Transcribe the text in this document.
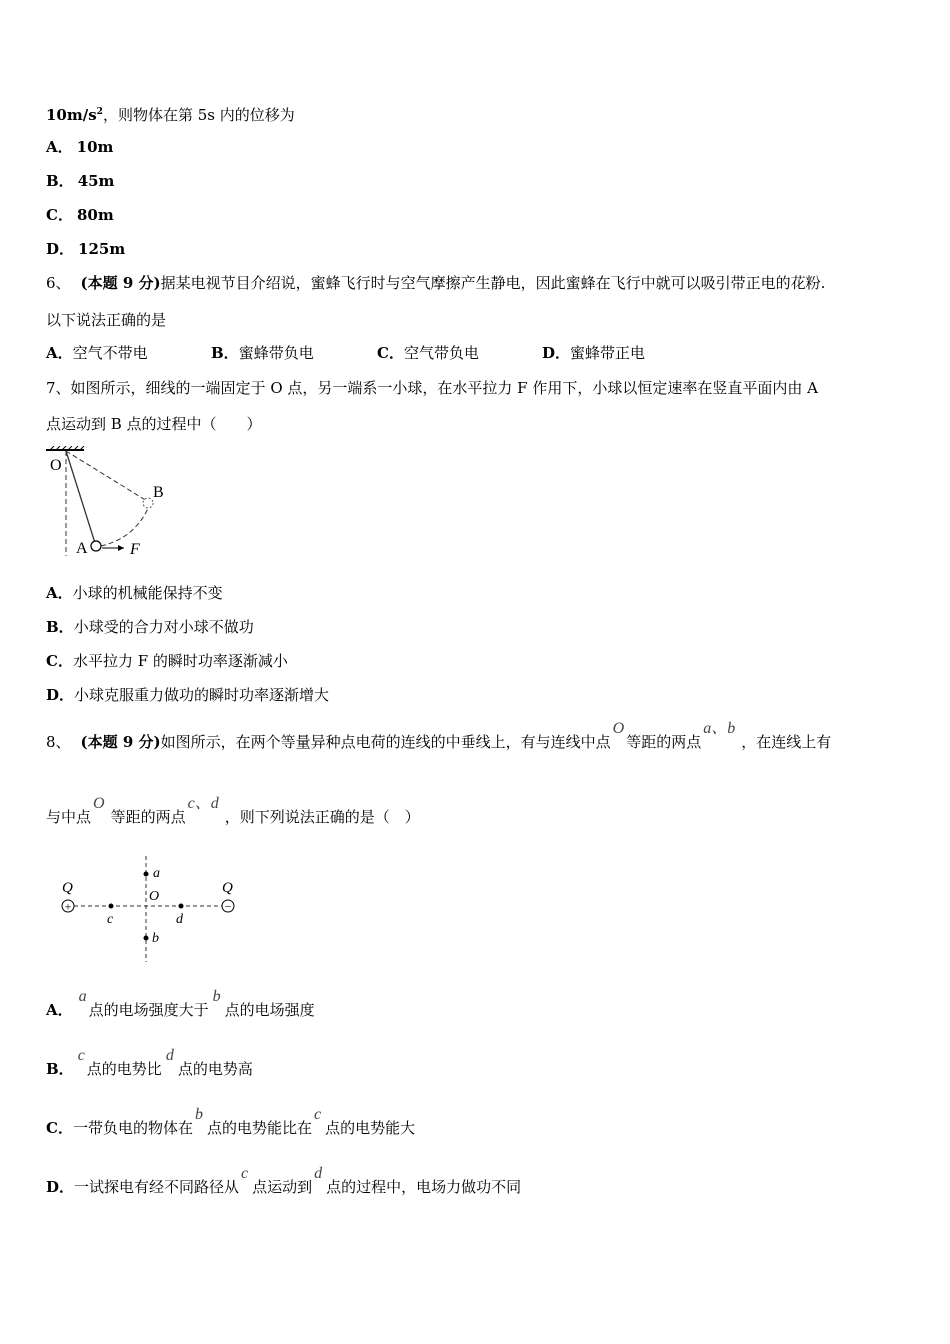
$10m/s^2$，则物体在第 5s 内的位移为
A． 10m
B． 45m
C． 80m
D． 125m
6、 (本题 9 分)据某电视节目介绍说，蜜蜂飞行时与空气摩擦产生静电，因此蜜蜂在飞行中就可以吸引带正电的花粉.
以下说法正确的是
A．空气不带电	B．蜜蜂带负电	C．空气带负电	D．蜜蜂带正电
7、如图所示，细线的一端固定于 O 点，另一端系一小球，在水平拉力 F 作用下，小球以恒定速率在竖直平面内由 A
点运动到 B 点的过程中（　　）
O
B
A	F
A．小球的机械能保持不变
B．小球受的合力对小球不做功
C．水平拉力 F 的瞬时功率逐渐减小
D．小球克服重力做功的瞬时功率逐渐增大
8、 (本题 9 分)如图所示，在两个等量异种点电荷的连线的中垂线上，有与连线中点O等距的两点a、b，在连线上有
与中点O等距的两点c、d，则下列说法正确的是（　）
Q
+
Q
−
a
O
c	d
b
A．a点的电场强度大于b点的电场强度
B．c点的电势比d点的电势高
C．一带负电的物体在b点的电势能比在c点的电势能大
D．一试探电有经不同路径从c点运动到d点的过程中，电场力做功不同
